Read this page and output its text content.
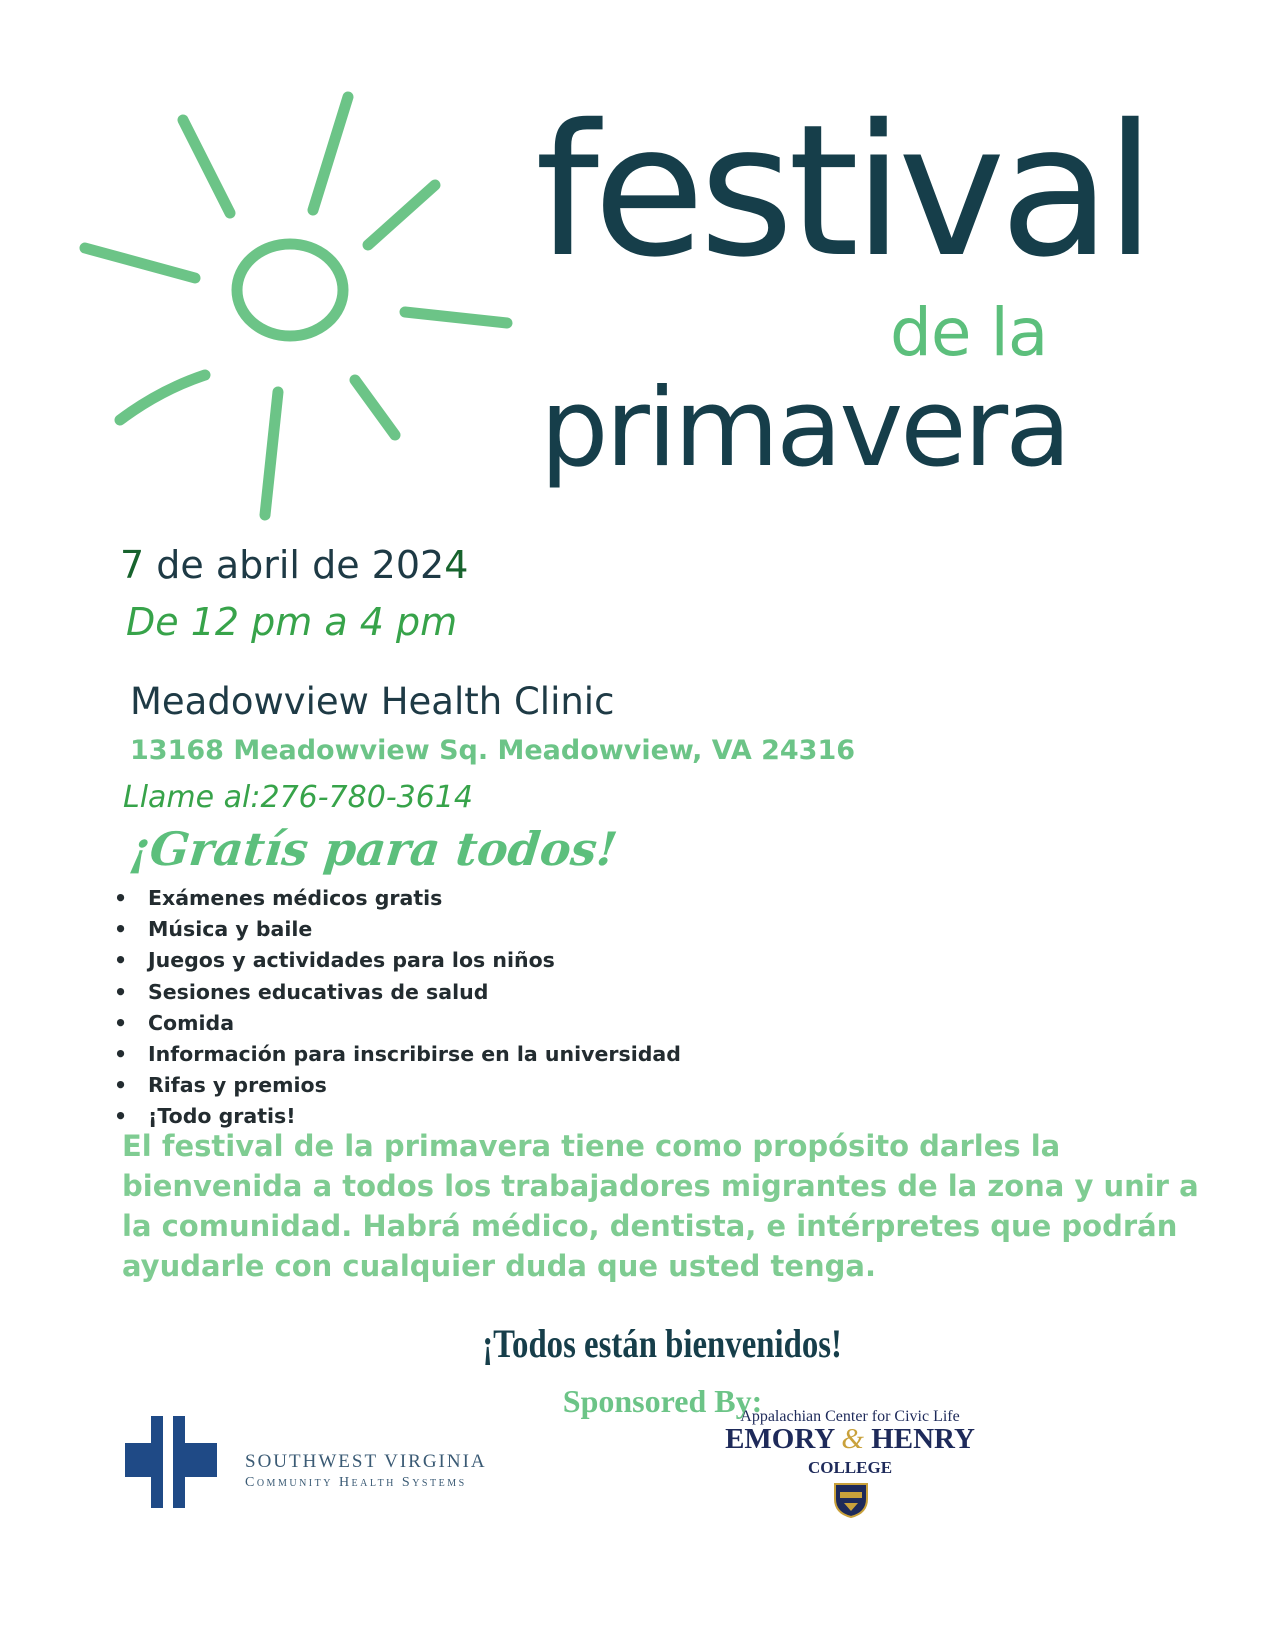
festival
de la
primavera
7 de abril de 2024
De 12 pm a 4 pm
Meadowview Health Clinic
13168 Meadowview Sq. Meadowview, VA 24316
Llame al:276-780-3614
¡Gratís para todos!
• Exámenes médicos gratis
• Música y baile
• Juegos y actividades para los niños
• Sesiones educativas de salud
• Comida
• Información para inscribirse en la universidad
• Rifas y premios
• ¡Todo gratis!
El festival de la primavera tiene como propósito darles la bienvenida a todos los trabajadores migrantes de la zona y unir a la comunidad. Habrá médico, dentista, e intérpretes que podrán ayudarle con cualquier duda que usted tenga.
¡Todos están bienvenidos!
Sponsored By:
SOUTHWEST VIRGINIA
Community Health Systems
Appalachian Center for Civic Life
EMORY & HENRY
COLLEGE
